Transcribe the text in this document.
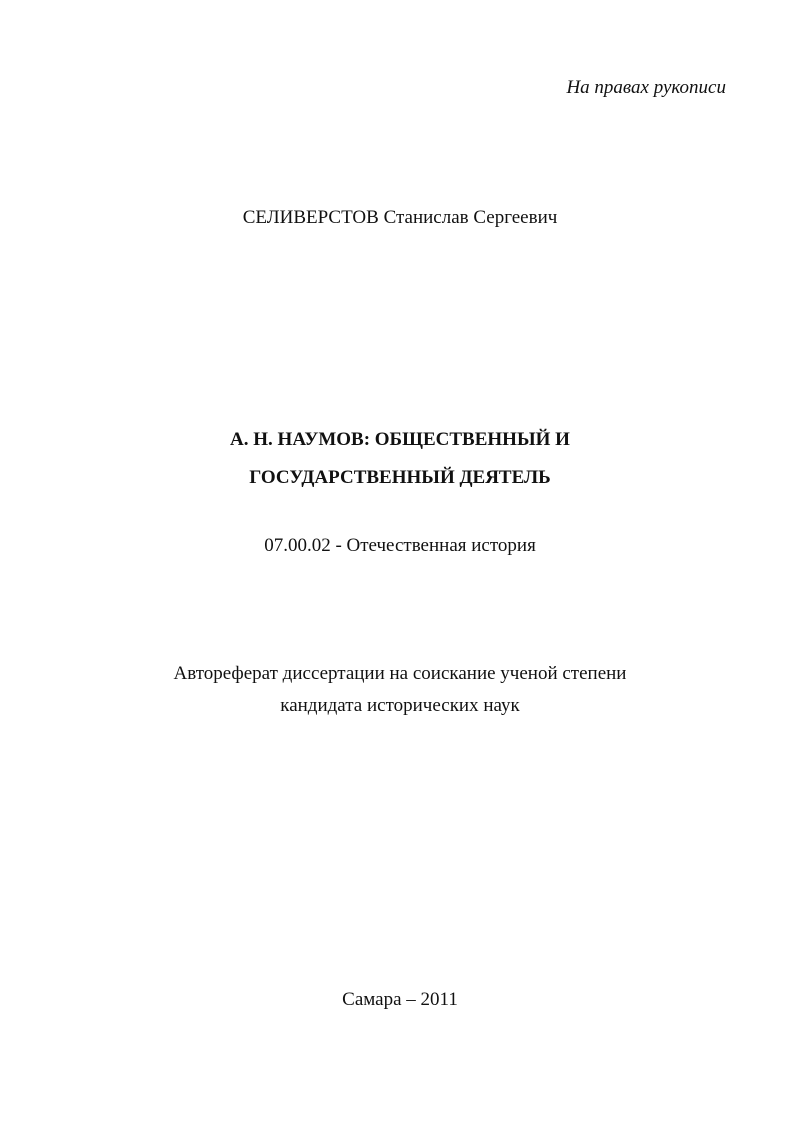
На правах рукописи
СЕЛИВЕРСТОВ Станислав Сергеевич
А. Н. НАУМОВ: ОБЩЕСТВЕННЫЙ И
ГОСУДАРСТВЕННЫЙ ДЕЯТЕЛЬ
07.00.02 - Отечественная история
Автореферат диссертации на соискание ученой степени
кандидата исторических наук
Самара – 2011
